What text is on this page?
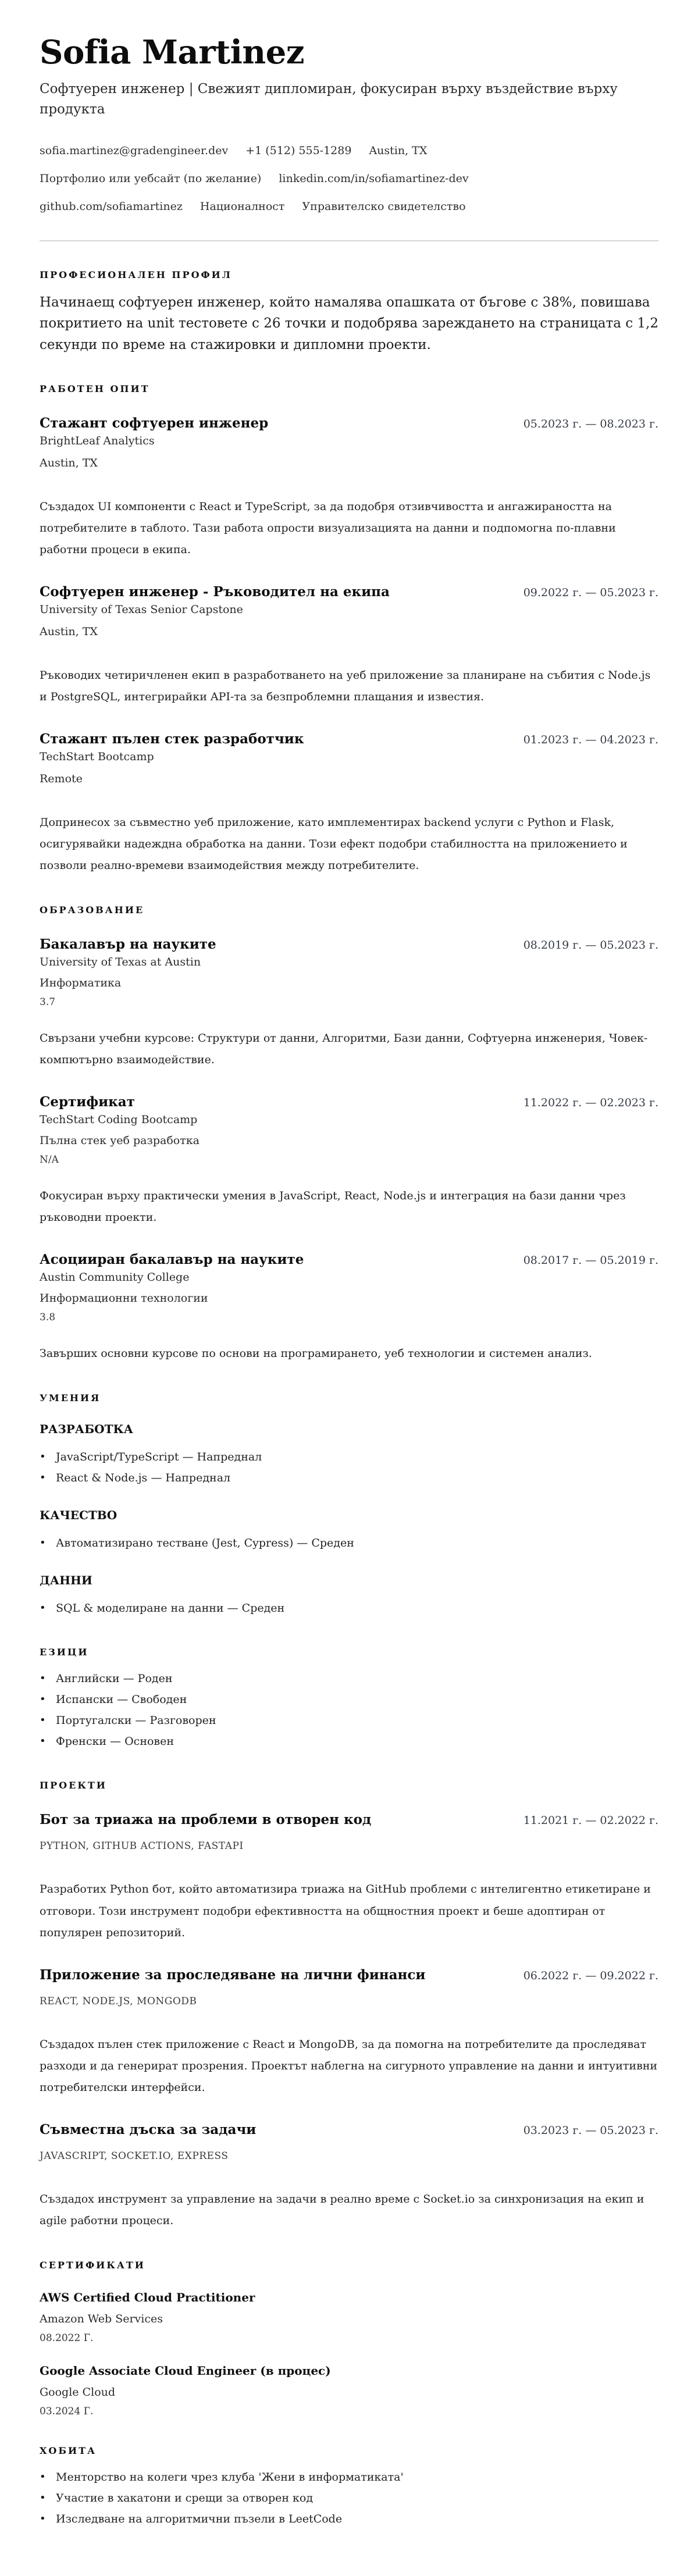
Sofia Martinez
Софтуерен инженер | Свежият дипломиран, фокусиран върху въздействие върху продукта
sofia.martinez@gradengineer.dev +1 (512) 555-1289 Austin, TX
Портфолио или уебсайт (по желание) linkedin.com/in/sofiamartinez-dev
github.com/sofiamartinez Националност Управителско свидетелство
ПРОФЕСИОНАЛЕН ПРОФИЛ

Начинаещ софтуерен инженер, който намалява опашката от бъгове с 38%, повишава покритието на unit тестовете с 26 точки и подобрява зареждането на страницата с 1,2 секунди по време на стажировки и дипломни проекти.

РАБОТЕН ОПИТ
Стажант софтуерен инженер	05.2023 г. — 08.2023 г.
BrightLeaf Analytics
Austin, TX

Създадох UI компоненти с React и TypeScript, за да подобря отзивчивостта и ангажираността на потребителите в таблото. Тази работа опрости визуализацията на данни и подпомогна по-плавни работни процеси в екипа.

Софтуерен инженер - Ръководител на екипа	09.2022 г. — 05.2023 г.
University of Texas Senior Capstone
Austin, TX

Ръководих четиричленен екип в разработването на уеб приложение за планиране на събития с Node.js и PostgreSQL, интегрирайки API-та за безпроблемни плащания и известия.

Стажант пълен стек разработчик	01.2023 г. — 04.2023 г.
TechStart Bootcamp
Remote

Допринесох за съвместно уеб приложение, като имплементирах backend услуги с Python и Flask, осигурявайки надеждна обработка на данни. Този ефект подобри стабилността на приложението и позволи реално-времеви взаимодействия между потребителите.

ОБРАЗОВАНИЕ
Бакалавър на науките	08.2019 г. — 05.2023 г.
University of Texas at Austin
Информатика
3.7

Свързани учебни курсове: Структури от данни, Алгоритми, Бази данни, Софтуерна инженерия, Човек-компютърно взаимодействие.

Сертификат	11.2022 г. — 02.2023 г.
TechStart Coding Bootcamp
Пълна стек уеб разработка
N/A

Фокусиран върху практически умения в JavaScript, React, Node.js и интеграция на бази данни чрез ръководни проекти.

Асоцииран бакалавър на науките	08.2017 г. — 05.2019 г.
Austin Community College
Информационни технологии
3.8

Завърших основни курсове по основи на програмирането, уеб технологии и системен анализ.

УМЕНИЯ
РАЗРАБОТКА
• JavaScript/TypeScript — Напреднал
• React & Node.js — Напреднал
КАЧЕСТВО
• Автоматизирано тестване (Jest, Cypress) — Среден
ДАННИ
• SQL & моделиране на данни — Среден
ЕЗИЦИ
• Английски — Роден
• Испански — Свободен
• Португалски — Разговорен
• Френски — Основен
ПРОЕКТИ
Бот за триажа на проблеми в отворен код	11.2021 г. — 02.2022 г.
PYTHON, GITHUB ACTIONS, FASTAPI

Разработих Python бот, който автоматизира триажа на GitHub проблеми с интелигентно етикетиране и отговори. Този инструмент подобри ефективността на общностния проект и беше адоптиран от популярен репозиторий.

Приложение за проследяване на лични финанси	06.2022 г. — 09.2022 г.
REACT, NODE.JS, MONGODB

Създадох пълен стек приложение с React и MongoDB, за да помогна на потребителите да проследяват разходи и да генерират прозрения. Проектът наблегна на сигурното управление на данни и интуитивни потребителски интерфейси.

Съвместна дъска за задачи	03.2023 г. — 05.2023 г.
JAVASCRIPT, SOCKET.IO, EXPRESS

Създадох инструмент за управление на задачи в реално време с Socket.io за синхронизация на екип и agile работни процеси.

СЕРТИФИКАТИ
AWS Certified Cloud Practitioner
Amazon Web Services
08.2022 Г.
Google Associate Cloud Engineer (в процес)
Google Cloud
03.2024 Г.
ХОБИТА
• Менторство на колеги чрез клуба 'Жени в информатиката'
• Участие в хакатони и срещи за отворен код
• Изследване на алгоритмични пъзели в LeetCode
